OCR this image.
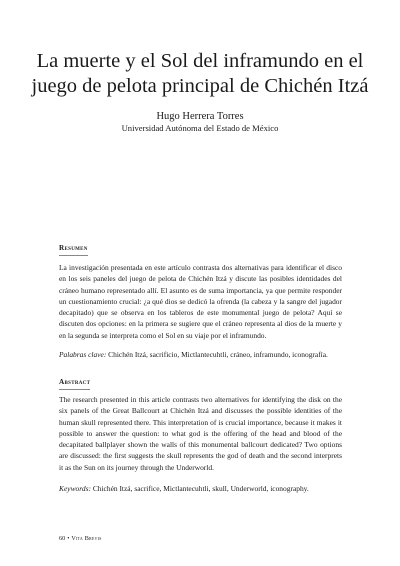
La muerte y el Sol del inframundo en el juego de pelota principal de Chichén Itzá

Hugo Herrera Torres

Universidad Autónoma del Estado de México

Resumen

La investigación presentada en este artículo contrasta dos alternativas para identificar el disco en los seis paneles del juego de pelota de Chichén Itzá y discute las posibles identidades del cráneo humano representado allí. El asunto es de suma importancia, ya que permite responder un cuestionamiento crucial: ¿a qué dios se dedicó la ofrenda (la cabeza y la sangre del jugador decapitado) que se observa en los tableros de este monumental juego de pelota? Aquí se discuten dos opciones: en la primera se sugiere que el cráneo representa al dios de la muerte y en la segunda se interpreta como el Sol en su viaje por el inframundo.

Palabras clave: Chichén Itzá, sacrificio, Mictlantecuhtli, cráneo, inframundo, iconografía.

Abstract

The research presented in this article contrasts two alternatives for identifying the disk on the six panels of the Great Ballcourt at Chichén Itzá and discusses the possible identities of the human skull represented there. This interpretation of is crucial importance, because it makes it possible to answer the question: to what god is the offering of the head and blood of the decapitated ballplayer shown the walls of this monumental ballcourt dedicated? Two options are discussed: the first suggests the skull represents the god of death and the second interprets it as the Sun on its journey through the Underworld.

Keywords: Chichén Itzá, sacrifice, Mictlantecuhtli, skull, Underworld, iconography.

60 • Vita Brevis
